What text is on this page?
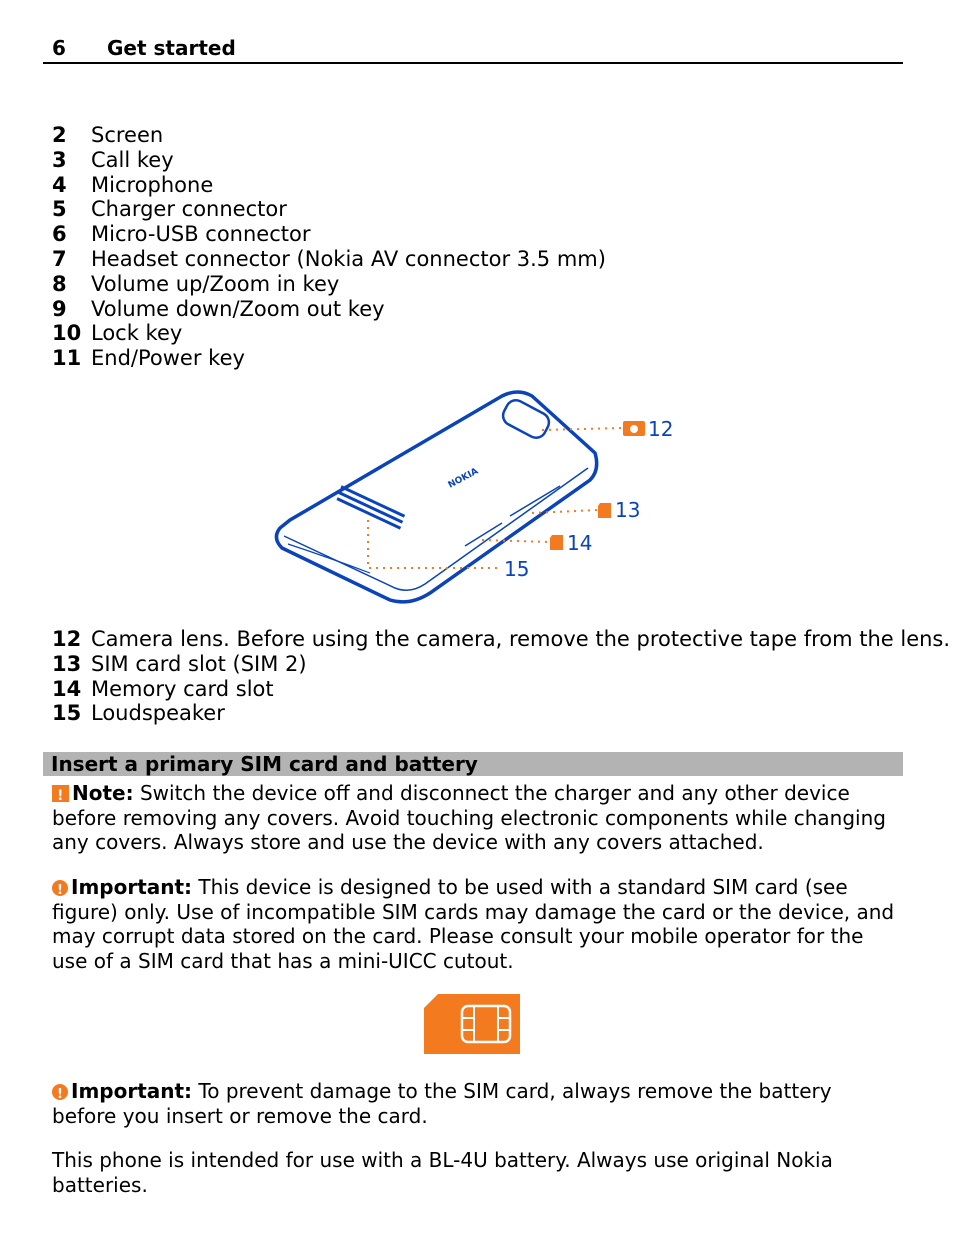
6 Get started
2 Screen
3 Call key
4 Microphone
5 Charger connector
6 Micro-USB connector
7 Headset connector (Nokia AV connector 3.5 mm)
8 Volume up/Zoom in key
9 Volume down/Zoom out key
10 Lock key
11 End/Power key
NOKIA
12
13
14
15
12 Camera lens. Before using the camera, remove the protective tape from the lens.
13 SIM card slot (SIM 2)
14 Memory card slot
15 Loudspeaker
Insert a primary SIM card and battery
!Note: Switch the device off and disconnect the charger and any other device before removing any covers. Avoid touching electronic components while changing any covers. Always store and use the device with any covers attached.
!Important: This device is designed to be used with a standard SIM card (see figure) only. Use of incompatible SIM cards may damage the card or the device, and may corrupt data stored on the card. Please consult your mobile operator for the use of a SIM card that has a mini-UICC cutout.
!Important: To prevent damage to the SIM card, always remove the battery before you insert or remove the card.
This phone is intended for use with a BL-4U battery. Always use original Nokia batteries.
